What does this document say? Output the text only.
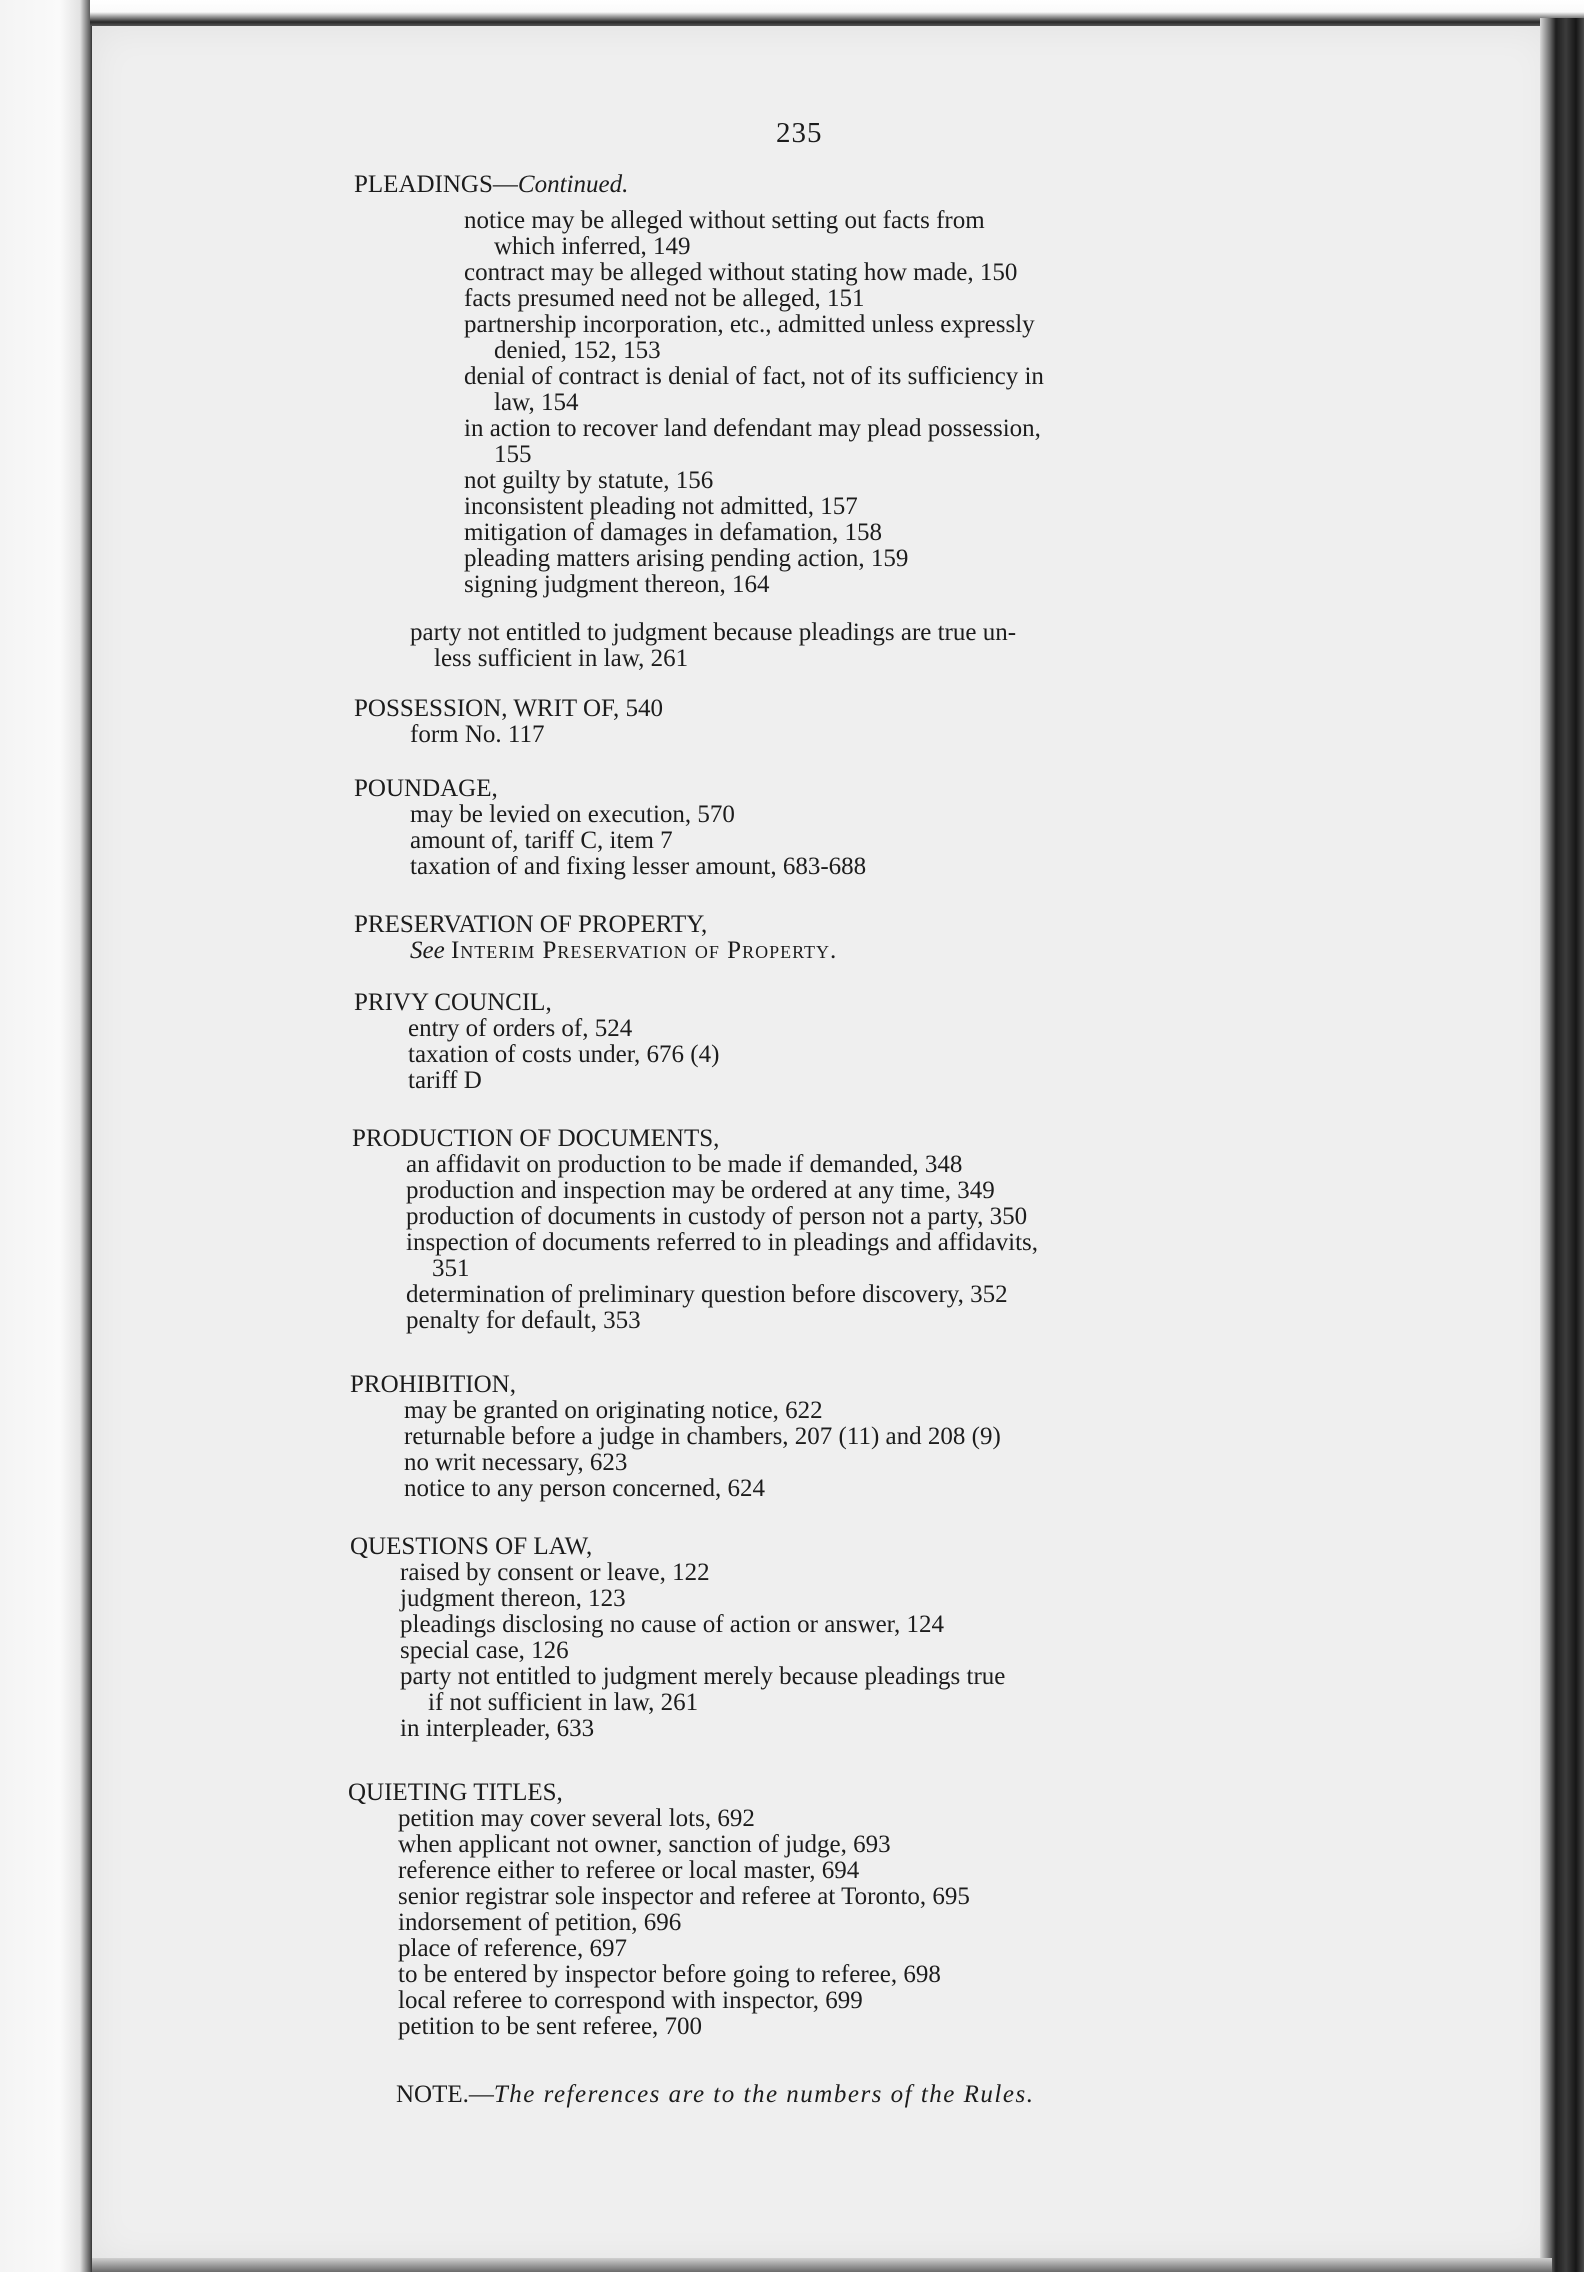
235
PLEADINGS—Continued.
notice may be alleged without setting out facts from
which inferred, 149
contract may be alleged without stating how made, 150
facts presumed need not be alleged, 151
partnership incorporation, etc., admitted unless expressly
denied, 152, 153
denial of contract is denial of fact, not of its sufficiency in
law, 154
in action to recover land defendant may plead possession,
155
not guilty by statute, 156
inconsistent pleading not admitted, 157
mitigation of damages in defamation, 158
pleading matters arising pending action, 159
signing judgment thereon, 164
party not entitled to judgment because pleadings are true un-
less sufficient in law, 261
POSSESSION, WRIT OF, 540
form No. 117
POUNDAGE,
may be levied on execution, 570
amount of, tariff C, item 7
taxation of and fixing lesser amount, 683-688
PRESERVATION OF PROPERTY,
See Interim Preservation of Property.
PRIVY COUNCIL,
entry of orders of, 524
taxation of costs under, 676 (4)
tariff D
PRODUCTION OF DOCUMENTS,
an affidavit on production to be made if demanded, 348
production and inspection may be ordered at any time, 349
production of documents in custody of person not a party, 350
inspection of documents referred to in pleadings and affidavits,
351
determination of preliminary question before discovery, 352
penalty for default, 353
PROHIBITION,
may be granted on originating notice, 622
returnable before a judge in chambers, 207 (11) and 208 (9)
no writ necessary, 623
notice to any person concerned, 624
QUESTIONS OF LAW,
raised by consent or leave, 122
judgment thereon, 123
pleadings disclosing no cause of action or answer, 124
special case, 126
party not entitled to judgment merely because pleadings true
if not sufficient in law, 261
in interpleader, 633
QUIETING TITLES,
petition may cover several lots, 692
when applicant not owner, sanction of judge, 693
reference either to referee or local master, 694
senior registrar sole inspector and referee at Toronto, 695
indorsement of petition, 696
place of reference, 697
to be entered by inspector before going to referee, 698
local referee to correspond with inspector, 699
petition to be sent referee, 700
NOTE.—The references are to the numbers of the Rules.
